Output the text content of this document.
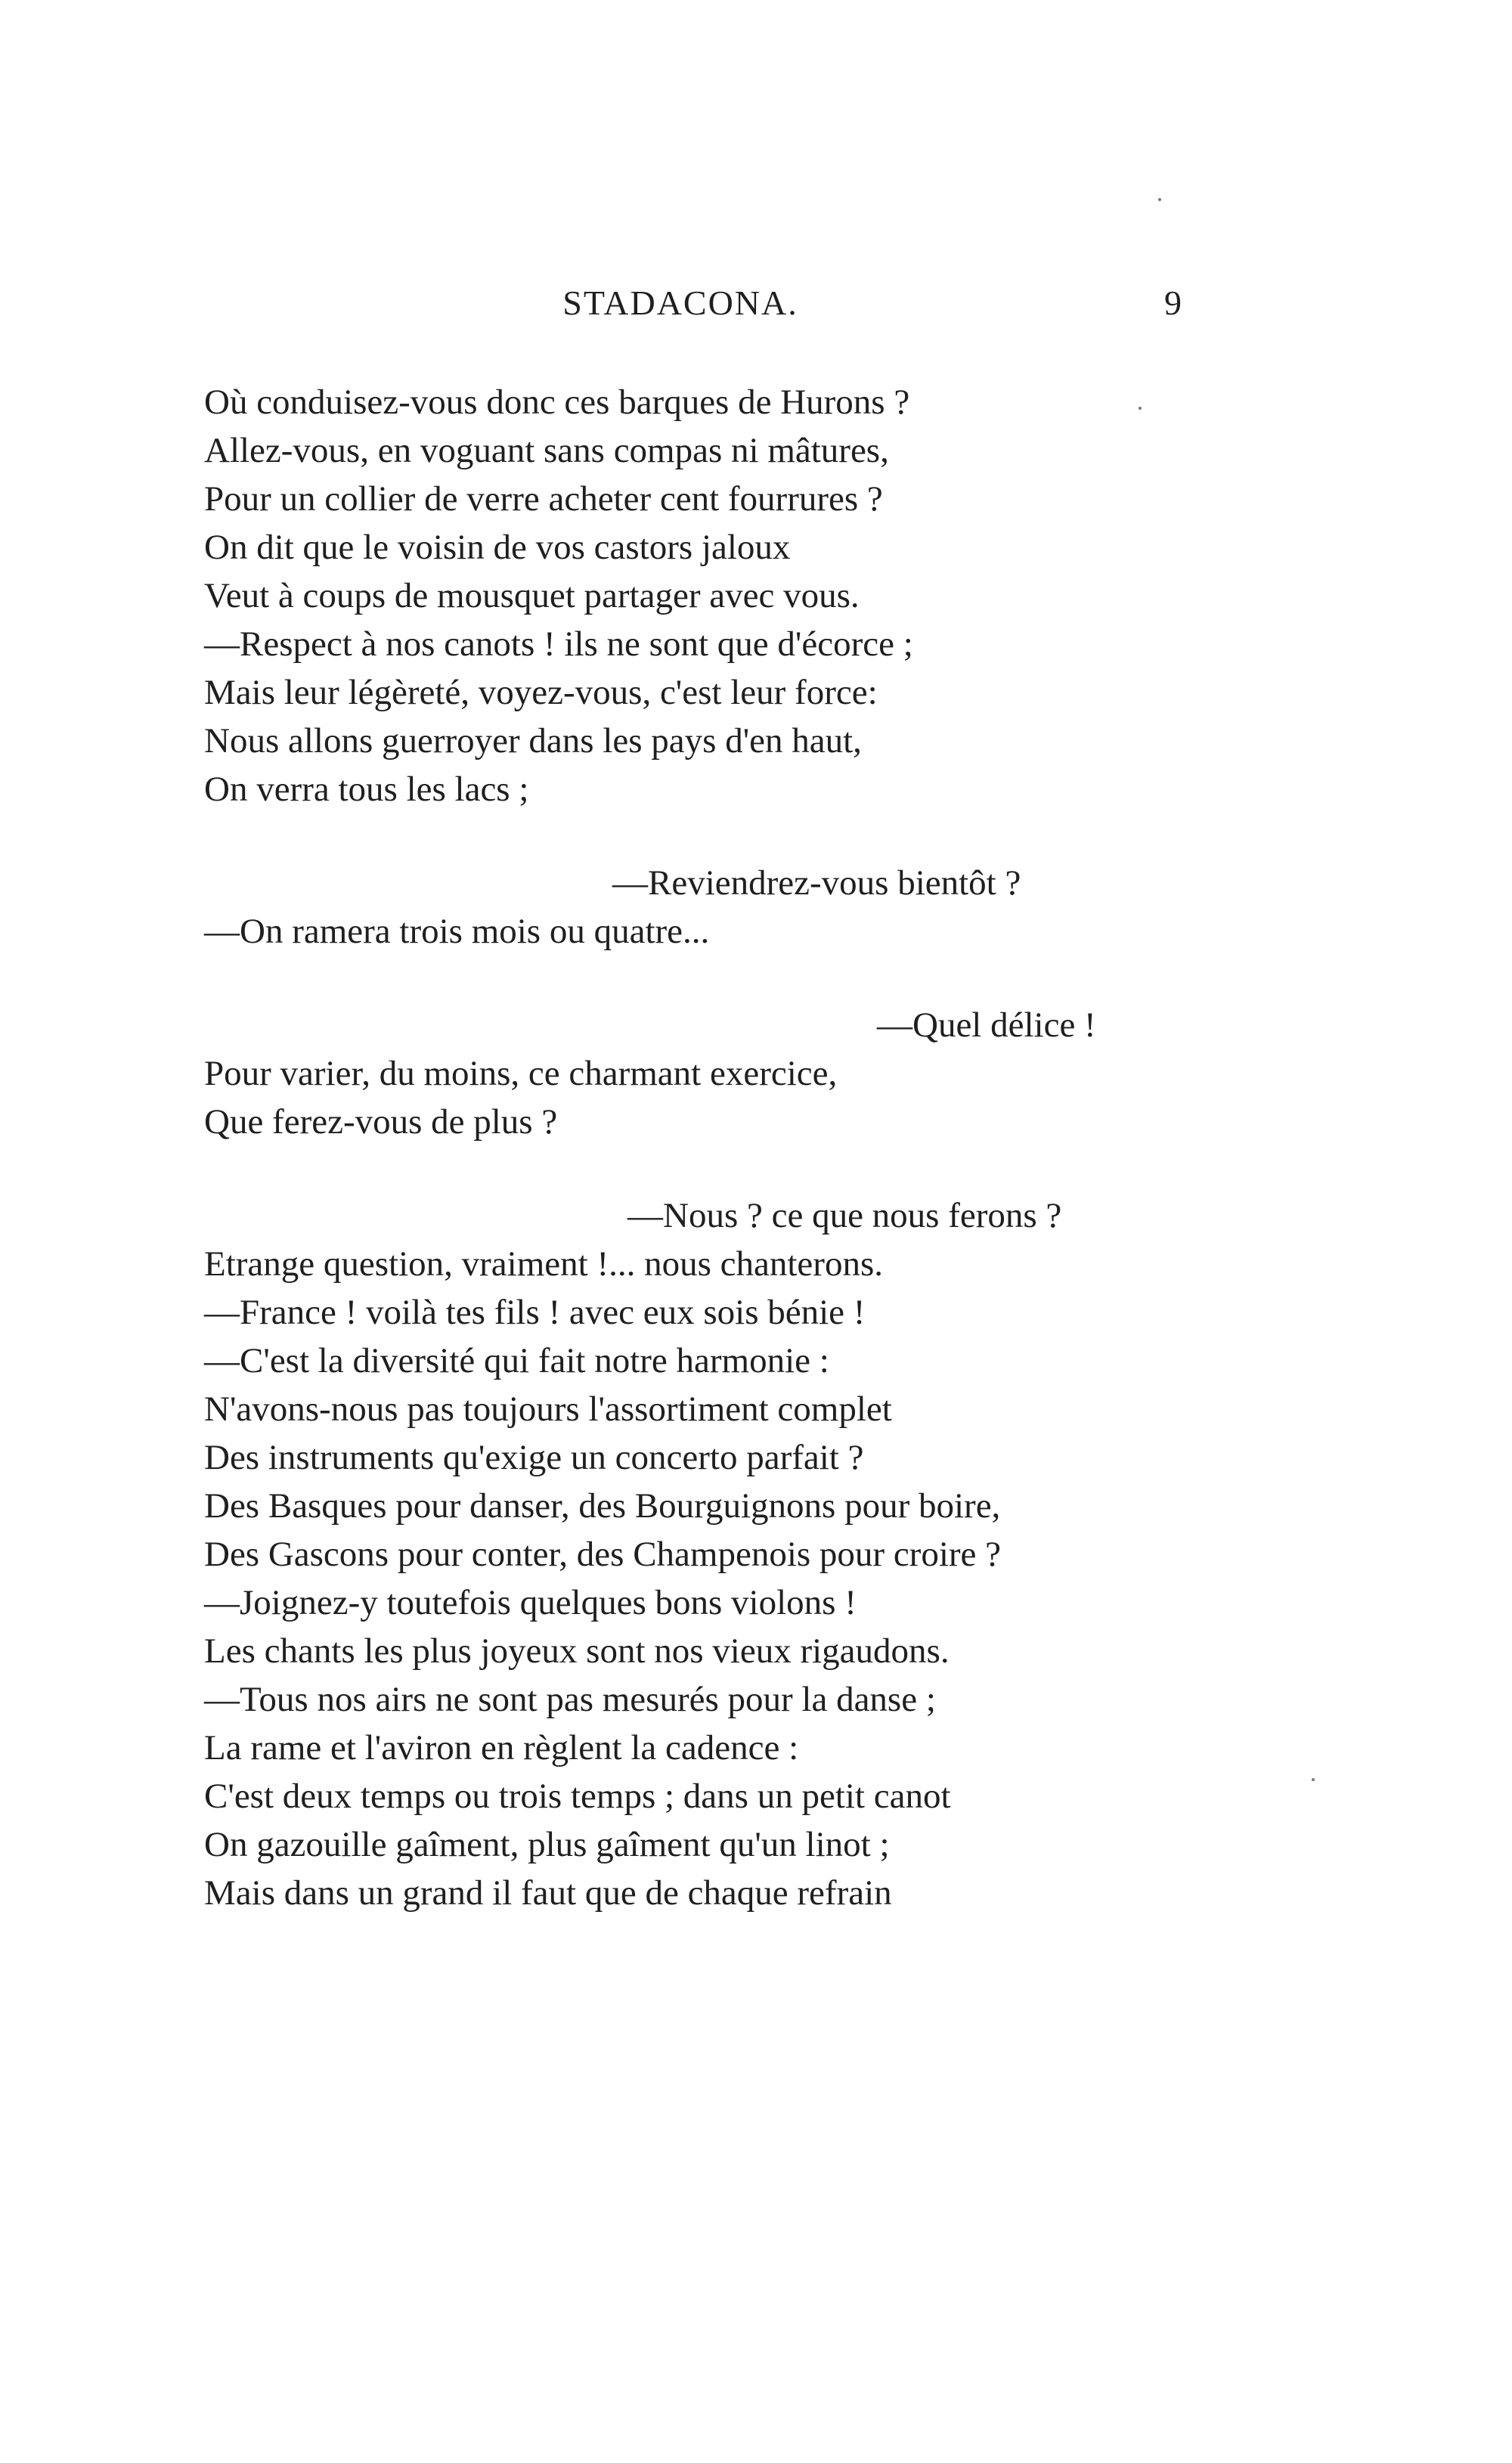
STADACONA.	9
Où conduisez-vous donc ces barques de Hurons ?
Allez-vous, en voguant sans compas ni mâtures,
Pour un collier de verre acheter cent fourrures ?
On dit que le voisin de vos castors jaloux
Veut à coups de mousquet partager avec vous.
—Respect à nos canots ! ils ne sont que d'écorce ;
Mais leur légèreté, voyez-vous, c'est leur force:
Nous allons guerroyer dans les pays d'en haut,
On verra tous les lacs ;
—Reviendrez-vous bientôt ?
—On ramera trois mois ou quatre...
—Quel délice !
Pour varier, du moins, ce charmant exercice,
Que ferez-vous de plus ?
—Nous ? ce que nous ferons ?
Etrange question, vraiment !... nous chanterons.
—France ! voilà tes fils ! avec eux sois bénie !
—C'est la diversité qui fait notre harmonie :
N'avons-nous pas toujours l'assortiment complet
Des instruments qu'exige un concerto parfait ?
Des Basques pour danser, des Bourguignons pour boire,
Des Gascons pour conter, des Champenois pour croire ?
—Joignez-y toutefois quelques bons violons !
Les chants les plus joyeux sont nos vieux rigaudons.
—Tous nos airs ne sont pas mesurés pour la danse ;
La rame et l'aviron en règlent la cadence :
C'est deux temps ou trois temps ; dans un petit canot
On gazouille gaîment, plus gaîment qu'un linot ;
Mais dans un grand il faut que de chaque refrain
